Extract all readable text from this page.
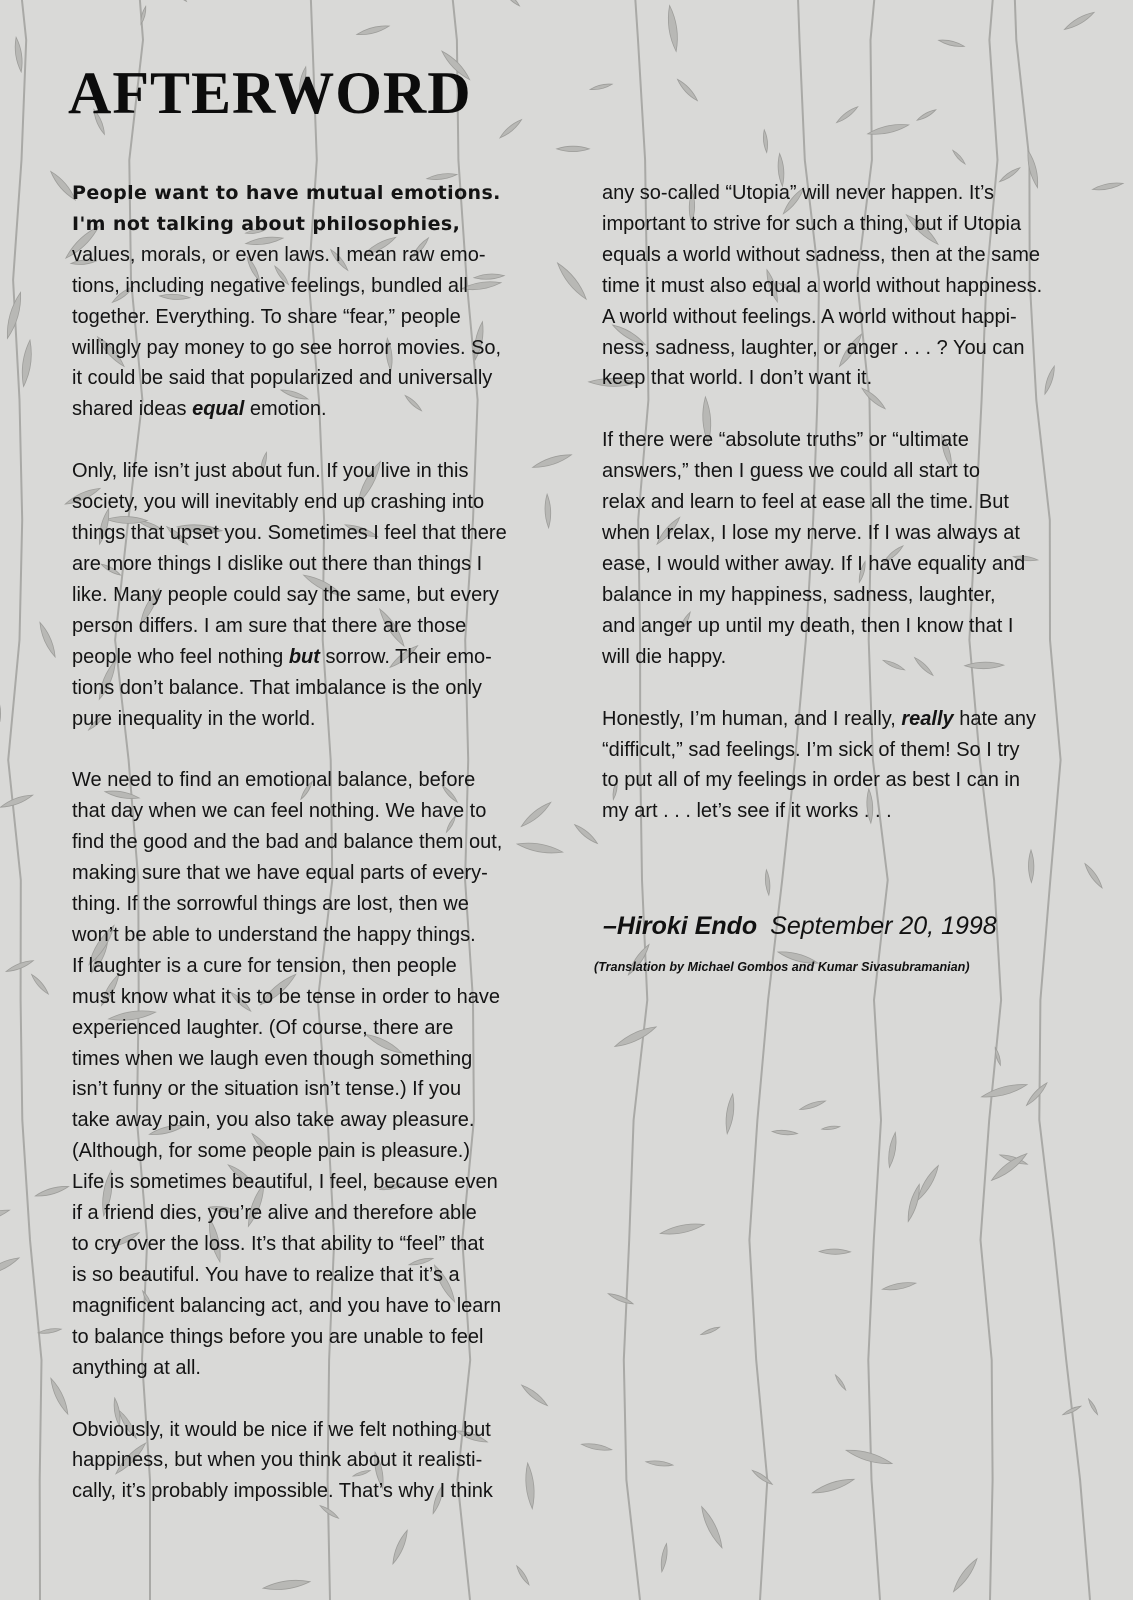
AFTERWORD

People want to have mutual emotions.
I'm not talking about philosophies,
values, morals, or even laws. I mean raw emo-
tions, including negative feelings, bundled all
together. Everything. To share “fear,” people
willingly pay money to go see horror movies. So,
it could be said that popularized and universally
shared ideas equal emotion.

Only, life isn’t just about fun. If you live in this
society, you will inevitably end up crashing into
things that upset you. Sometimes I feel that there
are more things I dislike out there than things I
like. Many people could say the same, but every
person differs. I am sure that there are those
people who feel nothing but sorrow. Their emo-
tions don’t balance. That imbalance is the only
pure inequality in the world.

We need to find an emotional balance, before
that day when we can feel nothing. We have to
find the good and the bad and balance them out,
making sure that we have equal parts of every-
thing. If the sorrowful things are lost, then we
won’t be able to understand the happy things.
If laughter is a cure for tension, then people
must know what it is to be tense in order to have
experienced laughter. (Of course, there are
times when we laugh even though something
isn’t funny or the situation isn’t tense.) If you
take away pain, you also take away pleasure.
(Although, for some people pain is pleasure.)
Life is sometimes beautiful, I feel, because even
if a friend dies, you’re alive and therefore able
to cry over the loss. It’s that ability to “feel” that
is so beautiful. You have to realize that it’s a
magnificent balancing act, and you have to learn
to balance things before you are unable to feel
anything at all.

Obviously, it would be nice if we felt nothing but
happiness, but when you think about it realisti-
cally, it’s probably impossible. That’s why I think

any so-called “Utopia” will never happen. It’s
important to strive for such a thing, but if Utopia
equals a world without sadness, then at the same
time it must also equal a world without happiness.
A world without feelings. A world without happi-
ness, sadness, laughter, or anger . . . ? You can
keep that world. I don’t want it.

If there were “absolute truths” or “ultimate
answers,” then I guess we could all start to
relax and learn to feel at ease all the time. But
when I relax, I lose my nerve. If I was always at
ease, I would wither away. If I have equality and
balance in my happiness, sadness, laughter,
and anger up until my death, then I know that I
will die happy.

Honestly, I’m human, and I really, really hate any
“difficult,” sad feelings. I’m sick of them! So I try
to put all of my feelings in order as best I can in
my art . . . let’s see if it works . . .

–Hiroki Endo September 20, 1998
(Translation by Michael Gombos and Kumar Sivasubramanian)
